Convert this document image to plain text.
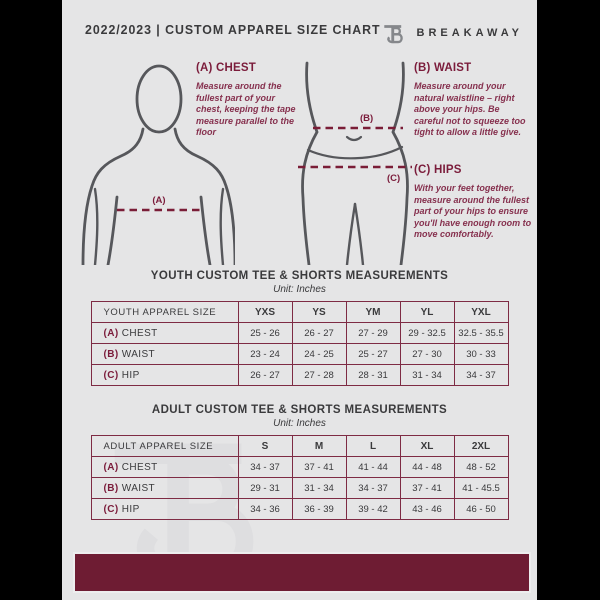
2022/2023 | CUSTOM APPAREL SIZE CHART	BREAKAWAY
(A)
(B)
(C)
(A) CHEST

Measure around the fullest part of your chest, keeping the tape measure parallel to the floor

(B) WAIST

Measure around your natural waistline – right above your hips. Be careful not to squeeze too tight to allow a little give.

(C) HIPS

With your feet together, measure around the fullest part of your hips to ensure you'll have enough room to move comfortably.

YOUTH CUSTOM TEE & SHORTS MEASUREMENTS

Unit: Inches

YOUTH APPAREL SIZE	YXS	YS	YM	YL	YXL
(A) CHEST	25 - 26	26 - 27	27 - 29	29 - 32.5	32.5 - 35.5
(B) WAIST	23 - 24	24 - 25	25 - 27	27 - 30	30 - 33
(C) HIP	26 - 27	27 - 28	28 - 31	31 - 34	34 - 37

ADULT CUSTOM TEE & SHORTS MEASUREMENTS

Unit: Inches

ADULT APPAREL SIZE	S	M	L	XL	2XL
(A) CHEST	34 - 37	37 - 41	41 - 44	44 - 48	48 - 52
(B) WAIST	29 - 31	31 - 34	34 - 37	37 - 41	41 - 45.5
(C) HIP	34 - 36	36 - 39	39 - 42	43 - 46	46 - 50
